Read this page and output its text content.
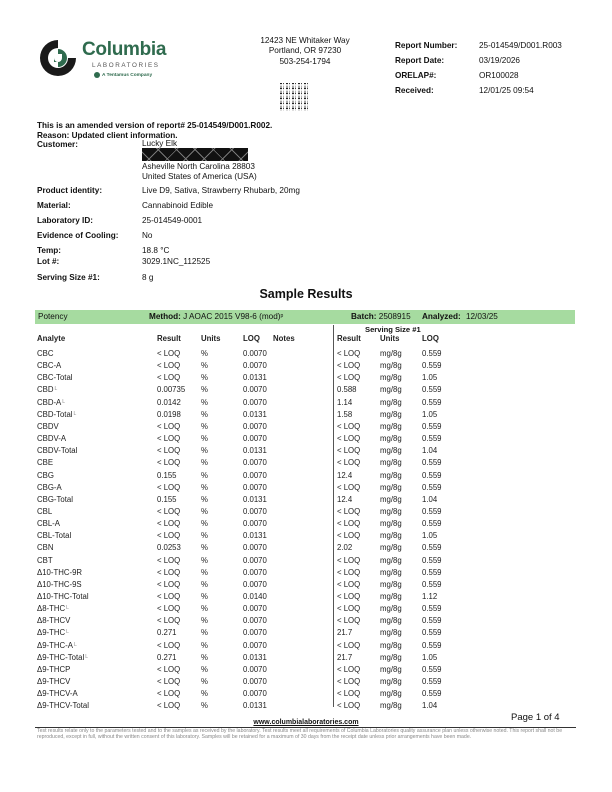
Columbia
LABORATORIES
A Tentamus Company
12423 NE Whitaker Way
Portland, OR 97230
503-254-1794
Report Number:	25-014549/D001.R003
Report Date:	03/19/2026
ORELAP#:	OR100028
Received:	12/01/25 09:54
This is an amended version of report# 25-014549/D001.R002.
Reason: Updated client information.
Customer:	Lucky Elk
Asheville North Carolina 28803
United States of America (USA)
Product identity:	Live D9, Sativa, Strawberry Rhubarb, 20mg
Material:	Cannabinoid Edible
Laboratory ID:	25-014549-0001
Evidence of Cooling:	No
Temp:	18.8 °C
Lot #:	3029.1NC_112525
Serving Size #1:	8 g
Sample Results
Potency	Method: J AOAC 2015 V98-6 (mod)$^p$	Batch: 2508915 Analyzed: 12/03/25
Serving Size #1
Analyte	Result	Units	LOQ Notes	Result Units	LOQ
CBC	< LOQ	%	0.0070	< LOQ	mg/8g	0.559
CBC-A	< LOQ	%	0.0070	< LOQ	mg/8g	0.559
CBC-Total	< LOQ	%	0.0131	< LOQ	mg/8g	1.05
CBD$^L$	0.00735 %	0.0070	0.588	mg/8g	0.559
CBD-A$^L$	0.0142	%	0.0070	1.14	mg/8g	0.559
CBD-Total$^L$	0.0198	%	0.0131	1.58	mg/8g	1.05
CBDV	< LOQ	%	0.0070	< LOQ	mg/8g	0.559
CBDV-A	< LOQ	%	0.0070	< LOQ	mg/8g	0.559
CBDV-Total	< LOQ	%	0.0131	< LOQ	mg/8g	1.04
CBE	< LOQ	%	0.0070	< LOQ	mg/8g	0.559
CBG	0.155	%	0.0070	12.4	mg/8g	0.559
CBG-A	< LOQ	%	0.0070	< LOQ	mg/8g	0.559
CBG-Total	0.155	%	0.0131	12.4	mg/8g	1.04
CBL	< LOQ	%	0.0070	< LOQ	mg/8g	0.559
CBL-A	< LOQ	%	0.0070	< LOQ	mg/8g	0.559
CBL-Total	< LOQ	%	0.0131	< LOQ	mg/8g	1.05
CBN	0.0253	%	0.0070	2.02	mg/8g	0.559
CBT	< LOQ	%	0.0070	< LOQ	mg/8g	0.559
Δ10-THC-9R	< LOQ	%	0.0070	< LOQ	mg/8g	0.559
Δ10-THC-9S	< LOQ	%	0.0070	< LOQ	mg/8g	0.559
Δ10-THC-Total	< LOQ	%	0.0140	< LOQ	mg/8g	1.12
Δ8-THC$^L$	< LOQ	%	0.0070	< LOQ	mg/8g	0.559
Δ8-THCV	< LOQ	%	0.0070	< LOQ	mg/8g	0.559
Δ9-THC$^L$	0.271	%	0.0070	21.7	mg/8g	0.559
Δ9-THC-A$^L$	< LOQ	%	0.0070	< LOQ	mg/8g	0.559
Δ9-THC-Total$^L$	0.271	%	0.0131	21.7	mg/8g	1.05
Δ9-THCP	< LOQ	%	0.0070	< LOQ	mg/8g	0.559
Δ9-THCV	< LOQ	%	0.0070	< LOQ	mg/8g	0.559
Δ9-THCV-A	< LOQ	%	0.0070	< LOQ	mg/8g	0.559
Δ9-THCV-Total	< LOQ	%	0.0131	< LOQ	mg/8g	1.04
Page 1 of 4
www.columbialaboratories.com
Test results relate only to the parameters tested and to the samples as received by the laboratory. Test results meet all requirements of Columbia Laboratories quality assurance plan unless otherwise noted. This report shall not be reproduced, except in full, without the written consent of this laboratory. Samples will be retained for a maximum of 30 days from the receipt date unless prior arrangements have been made.
